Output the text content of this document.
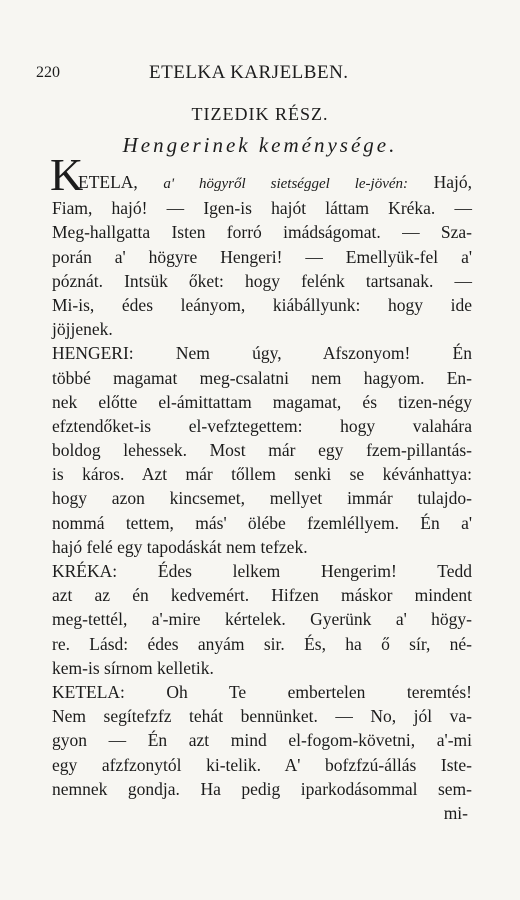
220	ETELKA KARJELBEN.
TIZEDIK RÉSZ.
Hengerinek keménysége.
K
ETELA, a' högyről sietséggel le-jövén: Hajó,
Fiam, hajó! — Igen-is hajót láttam Kréka. —
Meg-hallgatta Isten forró imádságomat. — Sza-
porán a' högyre Hengeri! — Emellyük-fel a'
póznát. Intsük őket: hogy felénk tartsanak. —
Mi-is, édes leányom, kiábállyunk: hogy ide
jöjjenek.
HENGERI: Nem úgy, Afszonyom! Én
többé magamat meg-csalatni nem hagyom. En-
nek előtte el-ámittattam magamat, és tizen-négy
efztendőket-is el-vefztegettem: hogy valahára
boldog lehessek. Most már egy fzem-pillantás-
is káros. Azt már tőllem senki se kévánhattya:
hogy azon kincsemet, mellyet immár tulajdo-
nommá tettem, más' ölébe fzemléllyem. Én a'
hajó felé egy tapodáskát nem tefzek.
KRÉKA: Édes lelkem Hengerim! Tedd
azt az én kedvemért. Hifzen máskor mindent
meg-tettél, a'-mire kértelek. Gyerünk a' högy-
re. Lásd: édes anyám sir. És, ha ő sír, né-
kem-is sírnom kelletik.
KETELA: Oh Te embertelen teremtés!
Nem segítefzfz tehát bennünket. — No, jól va-
gyon — Én azt mind el-fogom-követni, a'-mi
egy afzfzonytól ki-telik. A' bofzfzú-állás Iste-
nemnek gondja. Ha pedig iparkodásommal sem-
mi-
